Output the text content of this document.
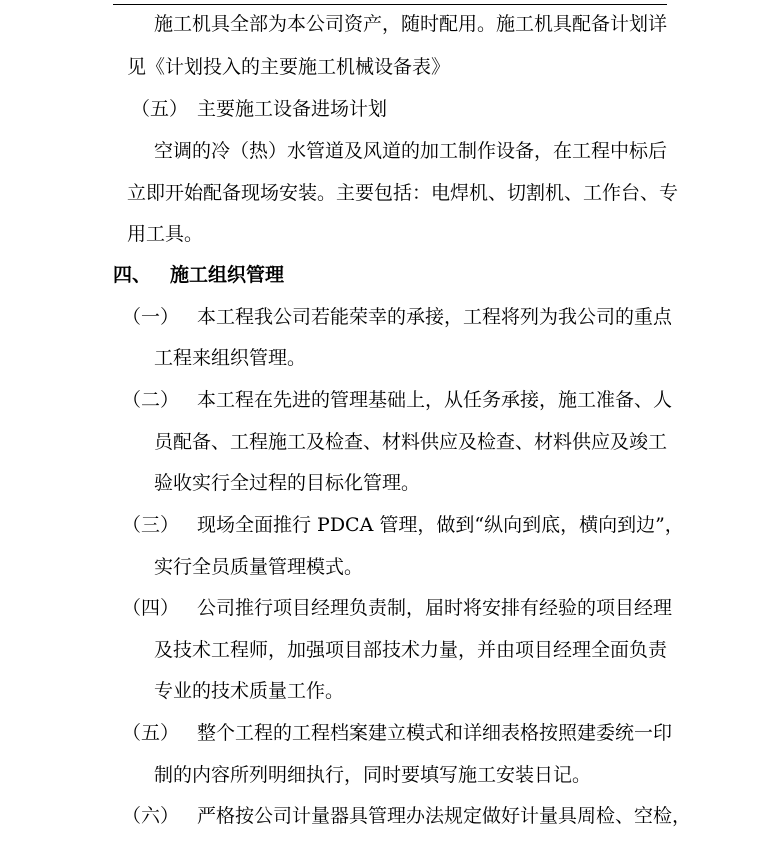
施工机具全部为本公司资产，随时配用。施工机具配备计划详
见《计划投入的主要施工机械设备表》
（五） 主要施工设备进场计划
空调的冷（热）水管道及风道的加工制作设备，在工程中标后
立即开始配备现场安装。主要包括：电焊机、切割机、工作台、专
用工具。
四、 施工组织管理
（一） 本工程我公司若能荣幸的承接，工程将列为我公司的重点
工程来组织管理。
（二） 本工程在先进的管理基础上，从任务承接，施工准备、人
员配备、工程施工及检查、材料供应及检查、材料供应及竣工
验收实行全过程的目标化管理。
（三） 现场全面推行 PDCA 管理，做到“纵向到底，横向到边”，
实行全员质量管理模式。
（四） 公司推行项目经理负责制，届时将安排有经验的项目经理
及技术工程师，加强项目部技术力量，并由项目经理全面负责
专业的技术质量工作。
（五） 整个工程的工程档案建立模式和详细表格按照建委统一印
制的内容所列明细执行，同时要填写施工安装日记。
（六） 严格按公司计量器具管理办法规定做好计量具周检、空检，
